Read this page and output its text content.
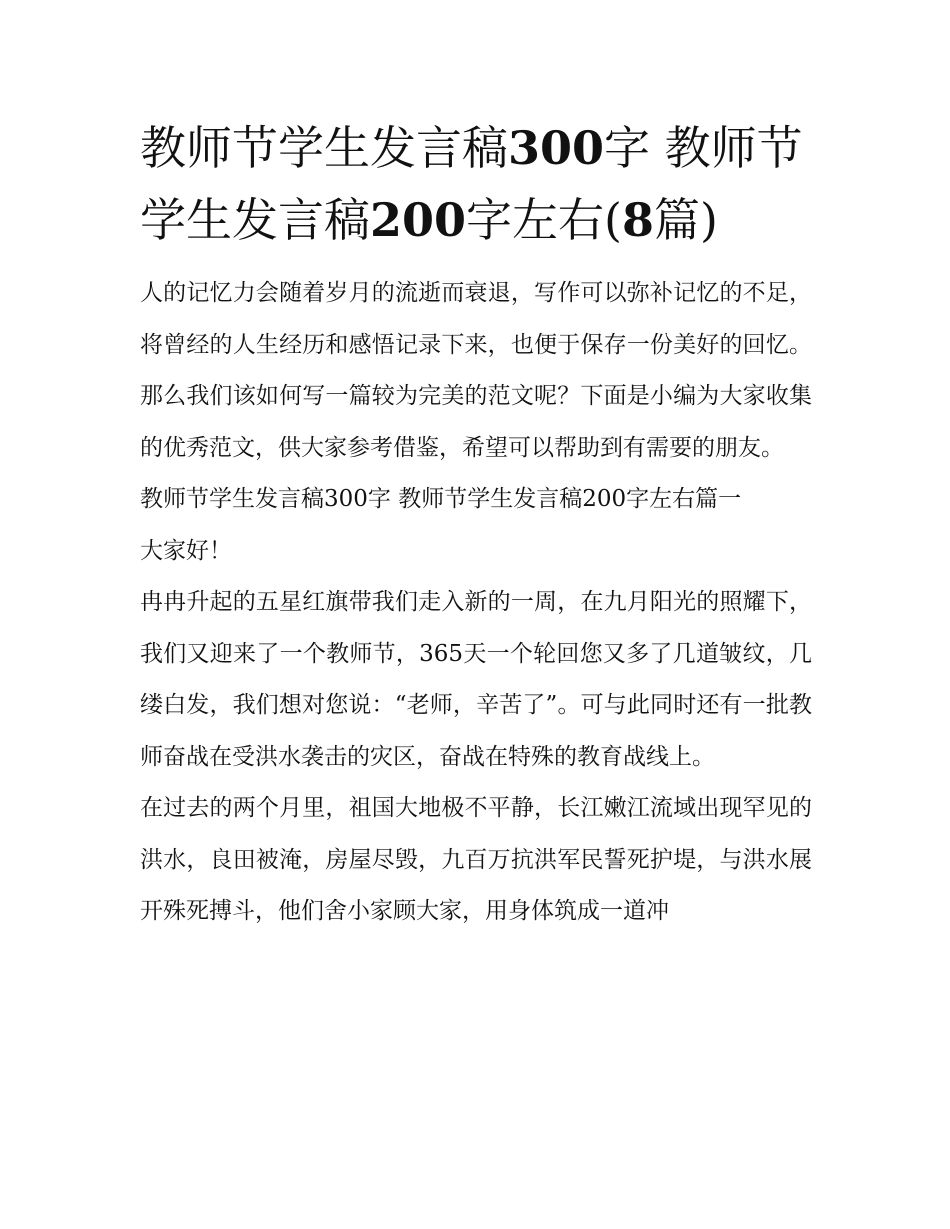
教师节学生发言稿300字 教师节学生发言稿200字左右(8篇)

人的记忆力会随着岁月的流逝而衰退，写作可以弥补记忆的不足，将曾经的人生经历和感悟记录下来，也便于保存一份美好的回忆。那么我们该如何写一篇较为完美的范文呢？下面是小编为大家收集的优秀范文，供大家参考借鉴，希望可以帮助到有需要的朋友。

教师节学生发言稿300字 教师节学生发言稿200字左右篇一

大家好！

冉冉升起的五星红旗带我们走入新的一周，在九月阳光的照耀下，我们又迎来了一个教师节，365天一个轮回您又多了几道皱纹，几缕白发，我们想对您说：“老师，辛苦了”。可与此同时还有一批教师奋战在受洪水袭击的灾区，奋战在特殊的教育战线上。

在过去的两个月里，祖国大地极不平静，长江嫩江流域出现罕见的洪水，良田被淹，房屋尽毁，九百万抗洪军民誓死护堤，与洪水展开殊死搏斗，他们舍小家顾大家，用身体筑成一道冲
